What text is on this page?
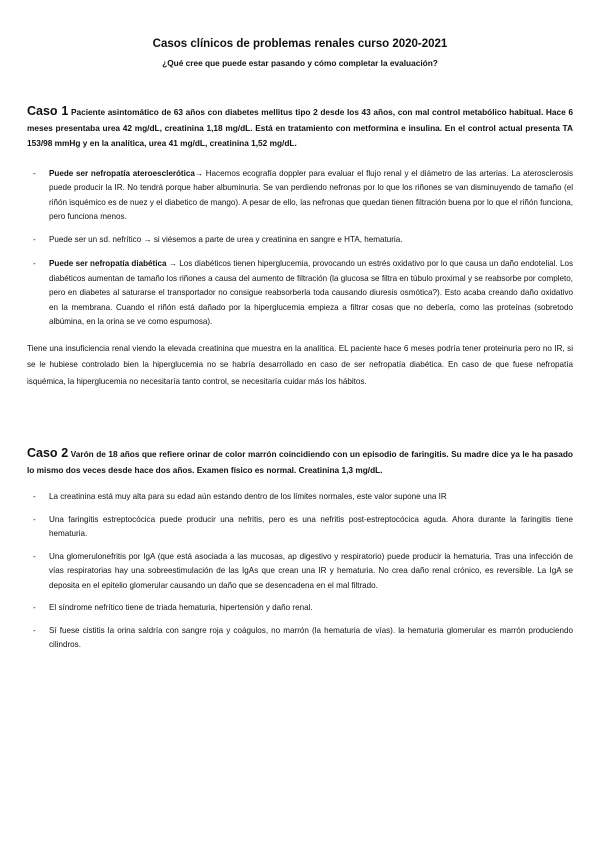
Casos clínicos de problemas renales curso 2020-2021
¿Qué cree que puede estar pasando y cómo completar la evaluación?
Caso 1 Paciente asintomático de 63 años con diabetes mellitus tipo 2 desde los 43 años, con mal control metabólico habitual. Hace 6 meses presentaba urea 42 mg/dL, creatinina 1,18 mg/dL. Está en tratamiento con metformina e insulina. En el control actual presenta TA 153/98 mmHg y en la analítica, urea 41 mg/dL, creatinina 1,52 mg/dL.
- Puede ser nefropatía ateroesclerótica→ Hacemos ecografía doppler para evaluar el flujo renal y el diámetro de las arterias. La aterosclerosis puede producir la IR. No tendrá porque haber albuminuria. Se van perdiendo nefronas por lo que los riñones se van disminuyendo de tamaño (el riñón isquémico es de nuez y el diabetico de mango). A pesar de ello, las nefronas que quedan tienen filtración buena por lo que el riñón funciona, pero funciona menos.
- Puede ser un sd. nefrítico → si viésemos a parte de urea y creatinina en sangre e HTA, hematuria.
- Puede ser nefropatía diabética → Los diabéticos tienen hiperglucemia, provocando un estrés oxidativo por lo que causa un daño endotelial. Los diabéticos aumentan de tamaño los riñones a causa del aumento de filtración (la glucosa se filtra en túbulo proximal y se reabsorbe por completo, pero en diabetes al saturarse el transportador no consigue reabsorberla toda causando diuresis osmótica?). Esto acaba creando daño oxidativo en la membrana. Cuando el riñón está dañado por la hiperglucemia empieza a filtrar cosas que no debería, como las proteínas (sobretodo albúmina, en la orina se ve como espumosa).
Tiene una insuficiencia renal viendo la elevada creatinina que muestra en la analítica. EL paciente hace 6 meses podría tener proteinuria pero no IR, si se le hubiese controlado bien la hiperglucemia no se habría desarrollado en caso de ser nefropatía diabética. En caso de que fuese nefropatía isquémica, la hiperglucemia no necesitaría tanto control, se necesitaría cuidar más los hábitos.
Caso 2 Varón de 18 años que refiere orinar de color marrón coincidiendo con un episodio de faringitis. Su madre dice ya le ha pasado lo mismo dos veces desde hace dos años. Examen físico es normal. Creatinina 1,3 mg/dL.
- La creatinina está muy alta para su edad aún estando dentro de los límites normales, este valor supone una IR
- Una faringitis estreptocócica puede producir una nefritis, pero es una nefritis post-estreptocócica aguda. Ahora durante la faringitis tiene hematuria.
- Una glomerulonefritis por IgA (que está asociada a las mucosas, ap digestivo y respiratorio) puede producir la hematuria. Tras una infección de vías respiratorias hay una sobreestimulación de las IgAs que crean una IR y hematuria. No crea daño renal crónico, es reversible. La IgA se deposita en el epitelio glomerular causando un daño que se desencadena en el mal filtrado.
- El síndrome nefrítico tiene de triada hematuria, hipertensión y daño renal.
- Sí fuese cistitis la orina saldría con sangre roja y coágulos, no marrón (la hematuria de vías). la hematuria glomerular es marrón produciendo cilindros.
